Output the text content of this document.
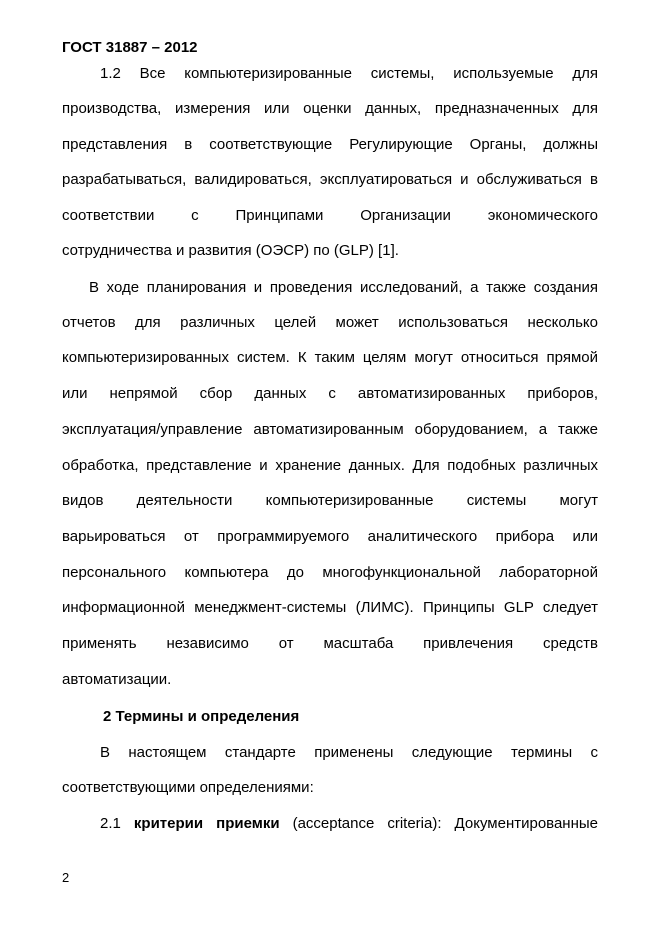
ГОСТ 31887 – 2012
1.2 Все компьютеризированные системы, используемые для
производства, измерения или оценки данных, предназначенных для
представления в соответствующие Регулирующие Органы, должны
разрабатываться, валидироваться, эксплуатироваться и обслуживаться в
соответствии с Принципами Организации экономического
сотрудничества и развития (ОЭСР) по (GLP) [1].
В ходе планирования и проведения исследований, а также создания
отчетов для различных целей может использоваться несколько
компьютеризированных систем. К таким целям могут относиться прямой
или непрямой сбор данных с автоматизированных приборов,
эксплуатация/управление автоматизированным оборудованием, а также
обработка, представление и хранение данных. Для подобных различных
видов деятельности компьютеризированные системы могут
варьироваться от программируемого аналитического прибора или
персонального компьютера до многофункциональной лабораторной
информационной менеджмент-системы (ЛИМС). Принципы GLP следует
применять независимо от масштаба привлечения средств
автоматизации.
2 Термины и определения
В настоящем стандарте применены следующие термины с
соответствующими определениями:
2.1 критерии приемки (acceptance criteria): Документированные
2
